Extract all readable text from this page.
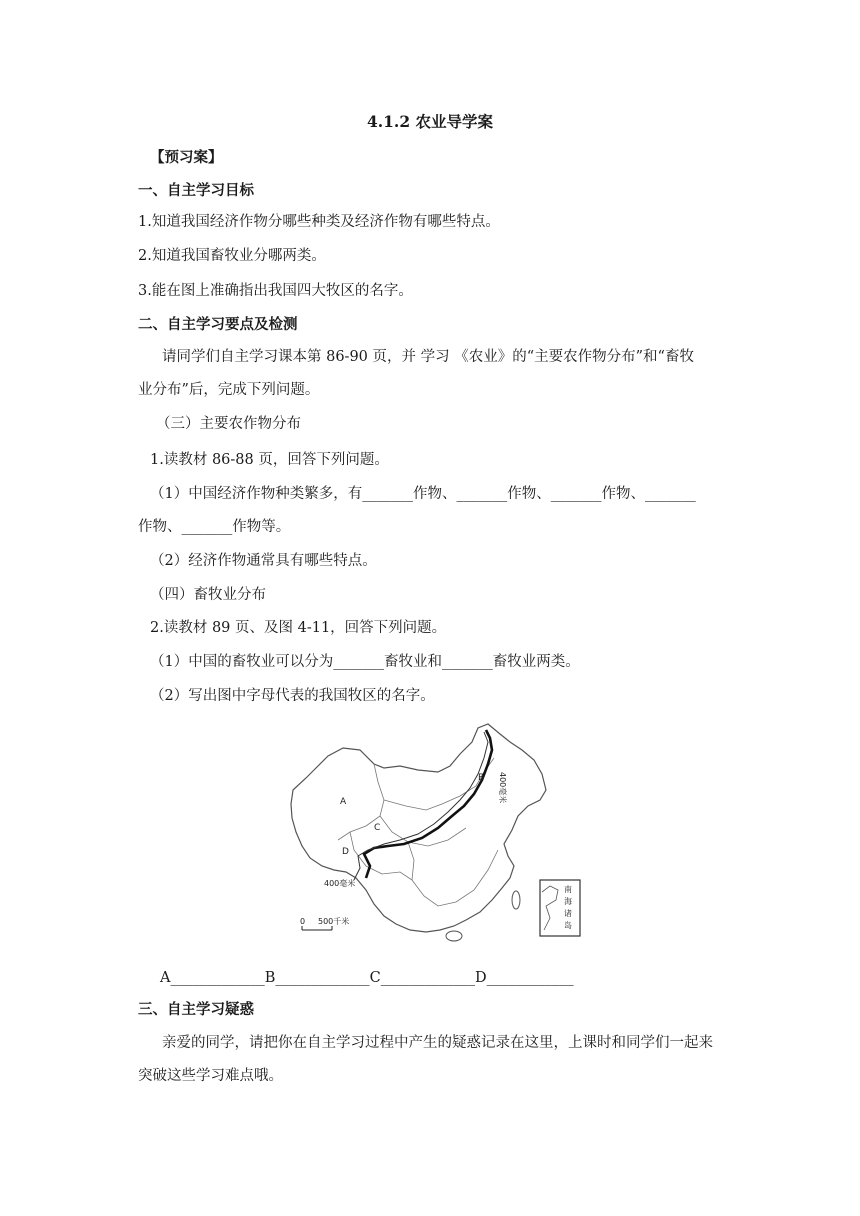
4.1.2 农业导学案
【预习案】
一、自主学习目标
1.知道我国经济作物分哪些种类及经济作物有哪些特点。
2.知道我国畜牧业分哪两类。
3.能在图上准确指出我国四大牧区的名字。
二、自主学习要点及检测
请同学们自主学习课本第 86-90 页，并 学习 《农业》的“主要农作物分布”和“畜牧
业分布”后，完成下列问题。
（三）主要农作物分布
1.读教材 86-88 页，回答下列问题。
（1）中国经济作物种类繁多，有_______作物、_______作物、_______作物、_______
作物、_______作物等。
（2）经济作物通常具有哪些特点。
（四）畜牧业分布
2.读教材 89 页、及图 4-11，回答下列问题。
（1）中国的畜牧业可以分为_______畜牧业和_______畜牧业两类。
（2）写出图中字母代表的我国牧区的名字。
A
B
C
D
400毫米
400毫米
0 500千米
南
海
诸
岛
A_____________B_____________C_____________D____________
三、自主学习疑惑
亲爱的同学，请把你在自主学习过程中产生的疑惑记录在这里，上课时和同学们一起来
突破这些学习难点哦。
